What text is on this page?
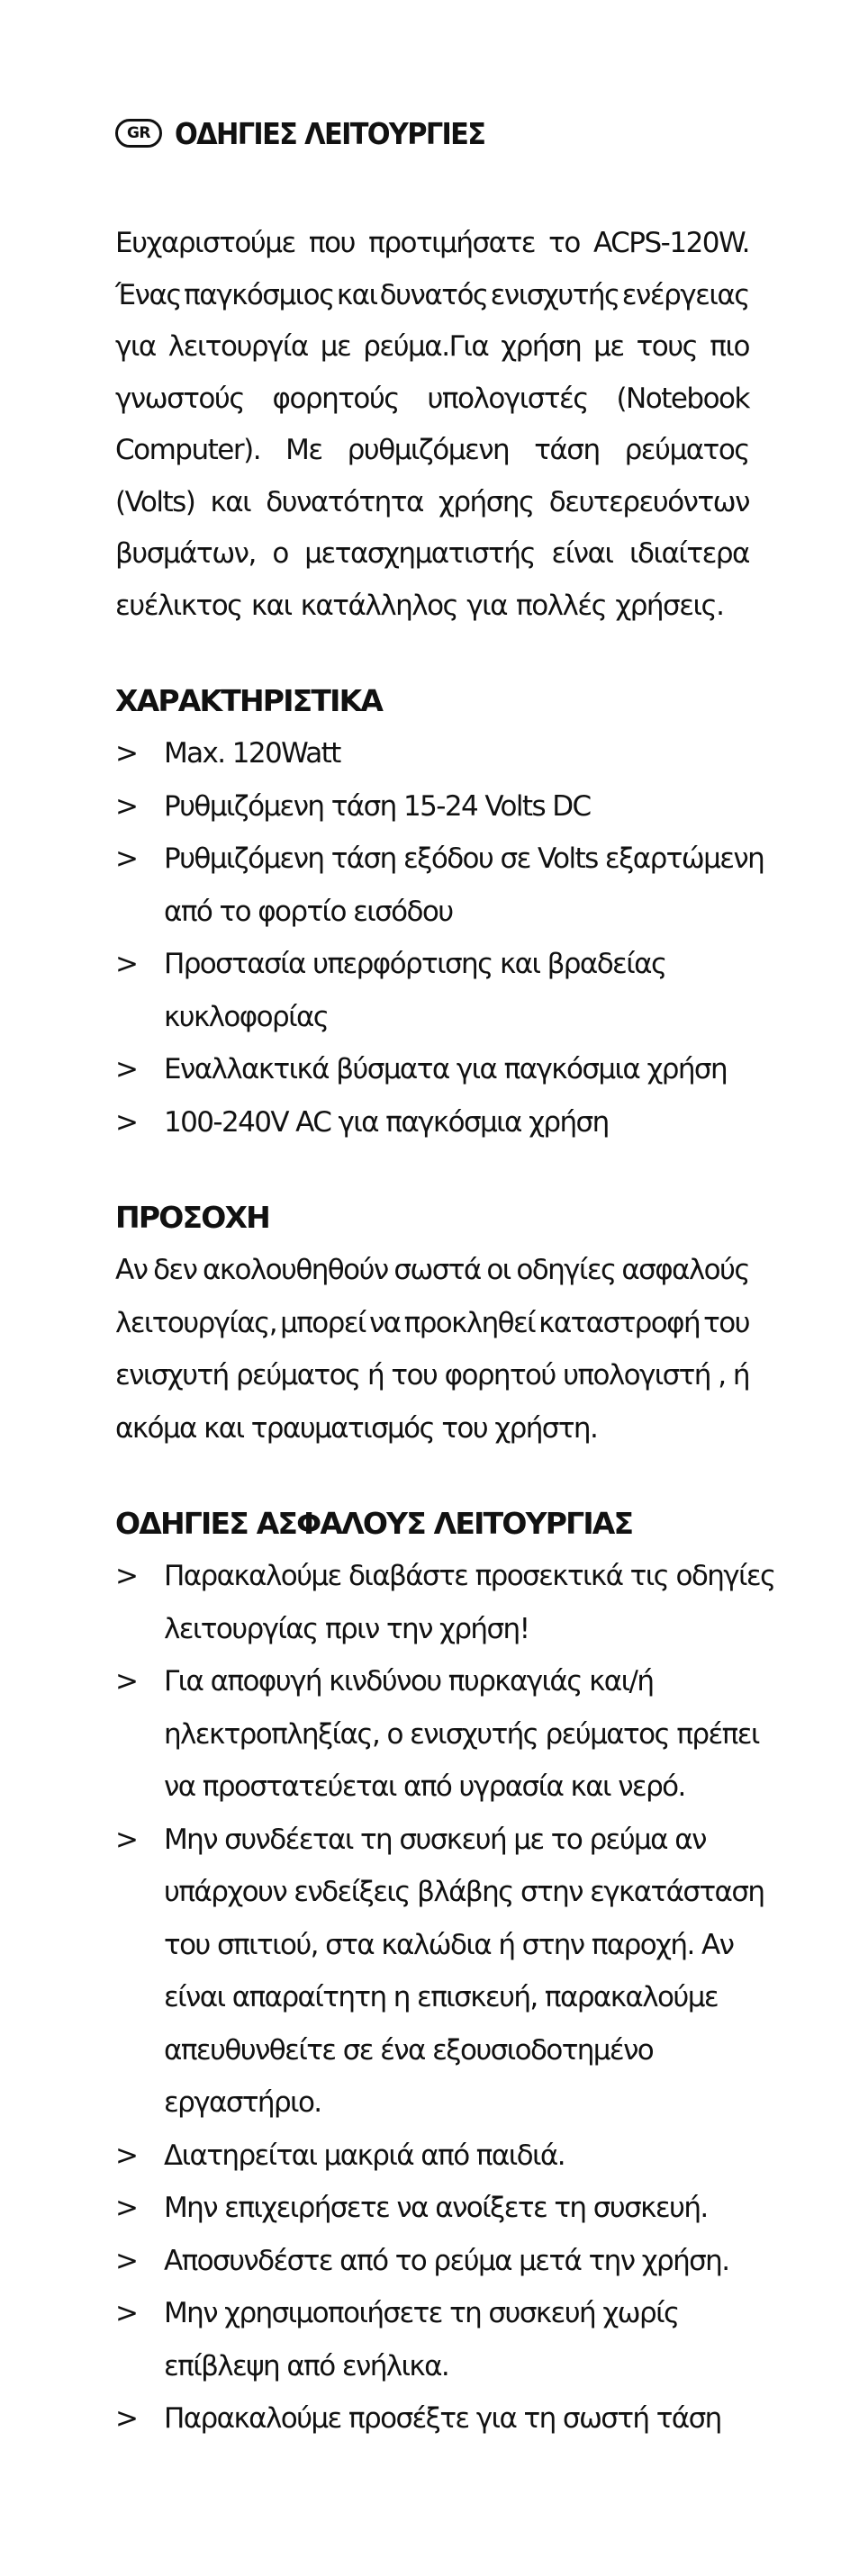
GR ΟΔΗΓΙΕΣ ΛΕΙΤΟΥΡΓΙΕΣ
Ευχαριστούμε που προτιμήσατε το ACPS-120W.
Ένας παγκόσμιος και δυνατός ενισχυτής ενέργειας
για λειτουργία με ρεύμα.Για χρήση με τους πιο
γνωστούς φορητούς υπολογιστές (Notebook
Computer). Με ρυθμιζόμενη τάση ρεύματος
(Volts) και δυνατότητα χρήσης δευτερευόντων
βυσμάτων, ο μετασχηματιστής είναι ιδιαίτερα
ευέλικτος και κατάλληλος για πολλές χρήσεις.
ΧΑΡΑΚΤΗΡΙΣΤΙΚΑ
> Max. 120Watt
> Ρυθμιζόμενη τάση 15-24 Volts DC
> Ρυθμιζόμενη τάση εξόδου σε Volts εξαρτώμενη
από το φορτίο εισόδου
> Προστασία υπερφόρτισης και βραδείας
κυκλοφορίας
> Εναλλακτικά βύσματα για παγκόσμια χρήση
> 100-240V AC για παγκόσμια χρήση
ΠΡΟΣΟΧΗ
Αν δεν ακολουθηθούν σωστά οι οδηγίες ασφαλούς
λειτουργίας, μπορεί να προκληθεί καταστροφή του
ενισχυτή ρεύματος ή του φορητού υπολογιστή , ή
ακόμα και τραυματισμός του χρήστη.
ΟΔΗΓΙΕΣ ΑΣΦΑΛΟΥΣ ΛΕΙΤΟΥΡΓΙΑΣ
> Παρακαλούμε διαβάστε προσεκτικά τις οδηγίες
λειτουργίας πριν την χρήση!
> Για αποφυγή κινδύνου πυρκαγιάς και/ή
ηλεκτροπληξίας, ο ενισχυτής ρεύματος πρέπει
να προστατεύεται από υγρασία και νερό.
> Μην συνδέεται τη συσκευή με το ρεύμα αν
υπάρχουν ενδείξεις βλάβης στην εγκατάσταση
του σπιτιού, στα καλώδια ή στην παροχή. Αν
είναι απαραίτητη η επισκευή, παρακαλούμε
απευθυνθείτε σε ένα εξουσιοδοτημένο
εργαστήριο.
> Διατηρείται μακριά από παιδιά.
> Μην επιχειρήσετε να ανοίξετε τη συσκευή.
> Αποσυνδέστε από το ρεύμα μετά την χρήση.
> Μην χρησιμοποιήσετε τη συσκευή χωρίς
επίβλεψη από ενήλικα.
> Παρακαλούμε προσέξτε για τη σωστή τάση
